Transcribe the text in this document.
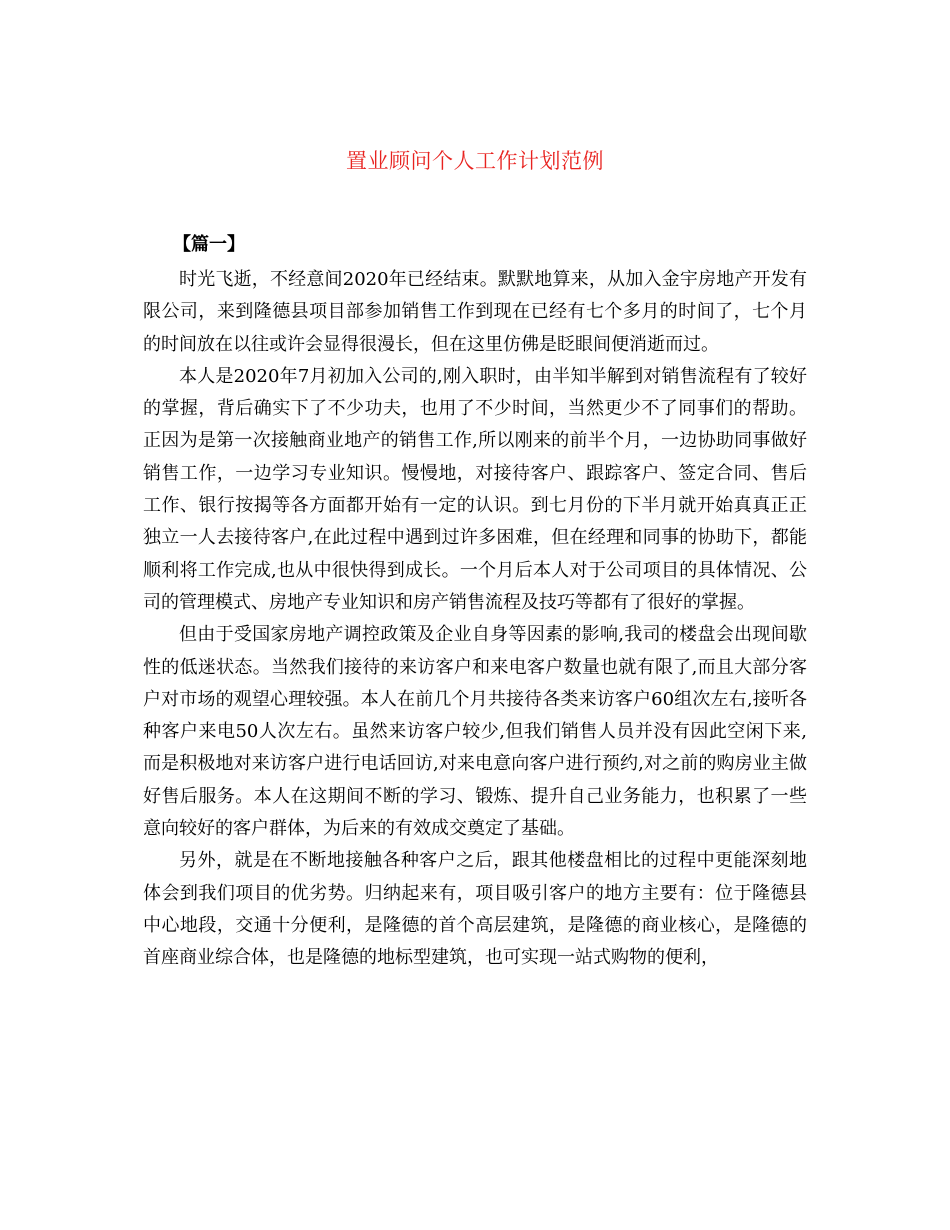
置业顾问个人工作计划范例
【篇一】

时光飞逝，不经意间2020年已经结束。默默地算来，从加入金宇房地产开发有限公司，来到隆德县项目部参加销售工作到现在已经有七个多月的时间了，七个月的时间放在以往或许会显得很漫长，但在这里仿佛是眨眼间便消逝而过。

本人是2020年7月初加入公司的,刚入职时，由半知半解到对销售流程有了较好的掌握，背后确实下了不少功夫，也用了不少时间，当然更少不了同事们的帮助。正因为是第一次接触商业地产的销售工作,所以刚来的前半个月，一边协助同事做好销售工作，一边学习专业知识。慢慢地，对接待客户、跟踪客户、签定合同、售后工作、银行按揭等各方面都开始有一定的认识。到七月份的下半月就开始真真正正独立一人去接待客户,在此过程中遇到过许多困难，但在经理和同事的协助下，都能顺利将工作完成,也从中很快得到成长。一个月后本人对于公司项目的具体情况、公司的管理模式、房地产专业知识和房产销售流程及技巧等都有了很好的掌握。

但由于受国家房地产调控政策及企业自身等因素的影响,我司的楼盘会出现间歇性的低迷状态。当然我们接待的来访客户和来电客户数量也就有限了,而且大部分客户对市场的观望心理较强。本人在前几个月共接待各类来访客户60组次左右,接听各种客户来电50人次左右。虽然来访客户较少,但我们销售人员并没有因此空闲下来,而是积极地对来访客户进行电话回访,对来电意向客户进行预约,对之前的购房业主做好售后服务。本人在这期间不断的学习、锻炼、提升自己业务能力，也积累了一些意向较好的客户群体，为后来的有效成交奠定了基础。

另外，就是在不断地接触各种客户之后，跟其他楼盘相比的过程中更能深刻地体会到我们项目的优劣势。归纳起来有，项目吸引客户的地方主要有：位于隆德县中心地段，交通十分便利，是隆德的首个高层建筑，是隆德的商业核心，是隆德的首座商业综合体，也是隆德的地标型建筑，也可实现一站式购物的便利，
